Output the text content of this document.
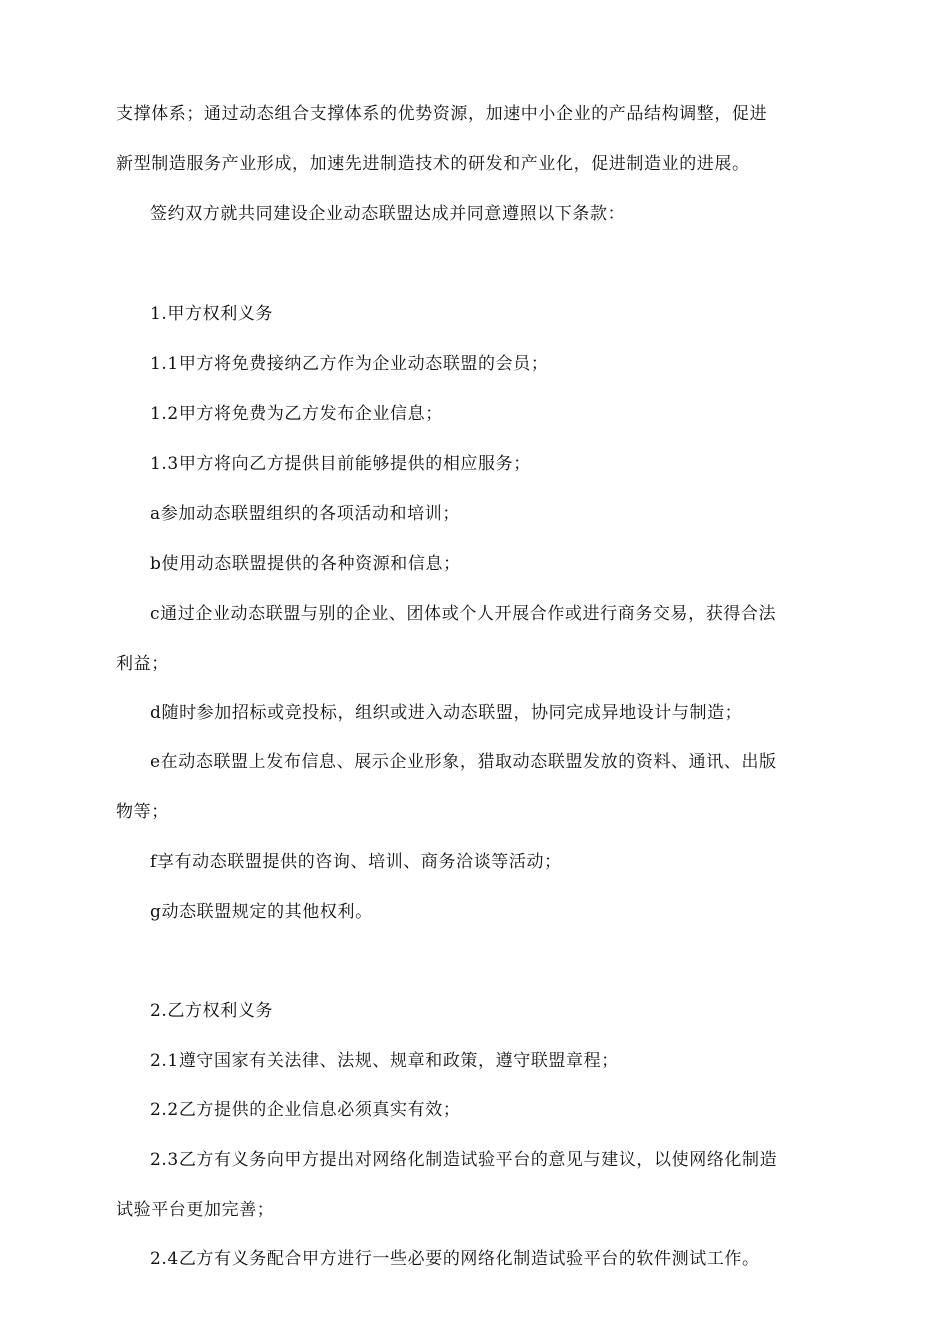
支撑体系；通过动态组合支撑体系的优势资源，加速中小企业的产品结构调整，促进
新型制造服务产业形成，加速先进制造技术的研发和产业化，促进制造业的进展。
签约双方就共同建设企业动态联盟达成并同意遵照以下条款：
1.甲方权利义务
1.1甲方将免费接纳乙方作为企业动态联盟的会员；
1.2甲方将免费为乙方发布企业信息；
1.3甲方将向乙方提供目前能够提供的相应服务；
a参加动态联盟组织的各项活动和培训；
b使用动态联盟提供的各种资源和信息；
c通过企业动态联盟与别的企业、团体或个人开展合作或进行商务交易，获得合法
利益；
d随时参加招标或竞投标，组织或进入动态联盟，协同完成异地设计与制造；
e在动态联盟上发布信息、展示企业形象，猎取动态联盟发放的资料、通讯、出版
物等；
f享有动态联盟提供的咨询、培训、商务洽谈等活动；
g动态联盟规定的其他权利。
2.乙方权利义务
2.1遵守国家有关法律、法规、规章和政策，遵守联盟章程；
2.2乙方提供的企业信息必须真实有效；
2.3乙方有义务向甲方提出对网络化制造试验平台的意见与建议，以使网络化制造
试验平台更加完善；
2.4乙方有义务配合甲方进行一些必要的网络化制造试验平台的软件测试工作。
